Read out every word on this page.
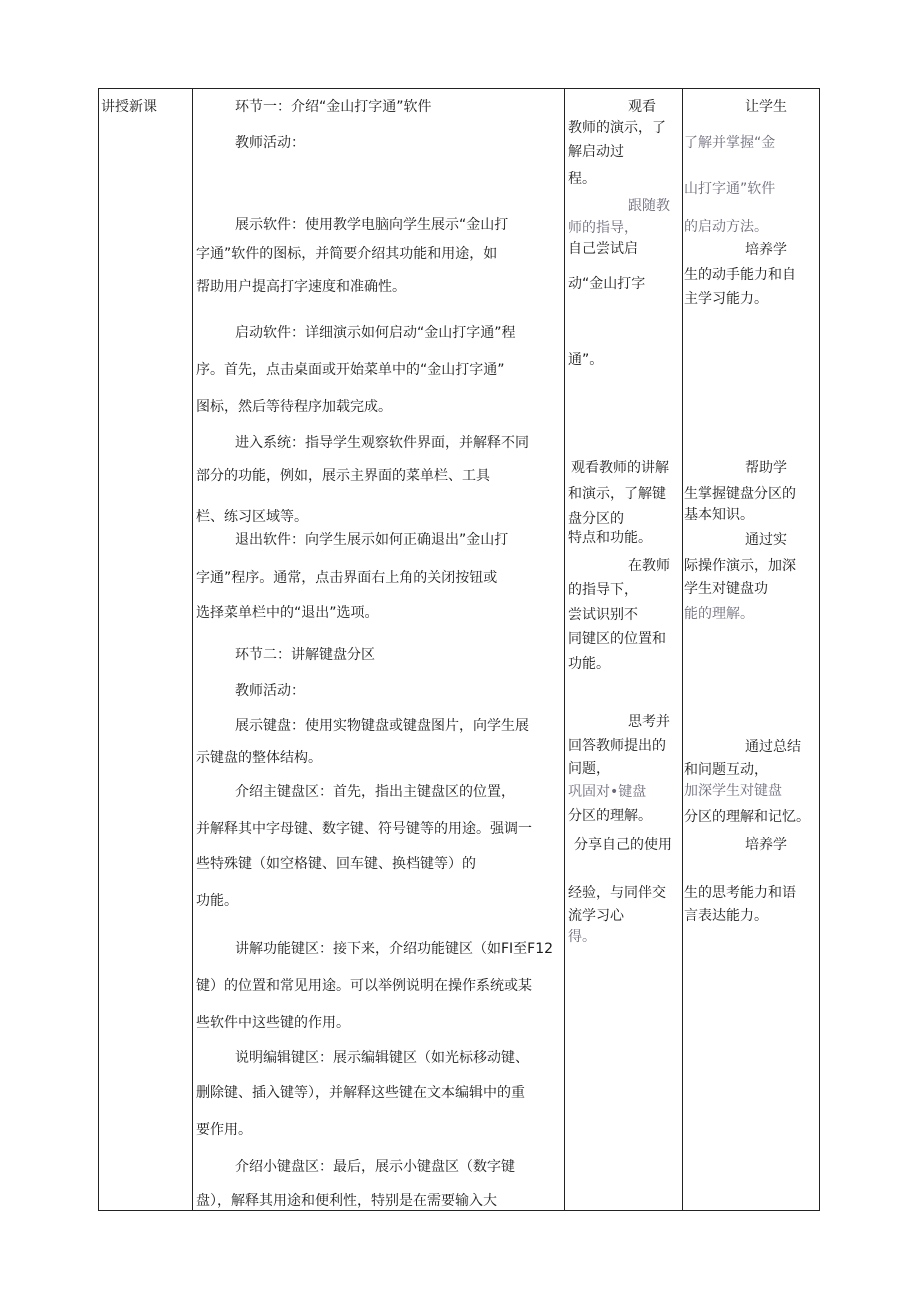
讲授新课	环节一：介绍“金山打字通”软件
教师活动：
展示软件：使用教学电脑向学生展示“金山打
字通”软件的图标，并简要介绍其功能和用途，如
帮助用户提高打字速度和准确性。
启动软件：详细演示如何启动“金山打字通”程
序。首先，点击桌面或开始菜单中的“金山打字通”
图标，然后等待程序加载完成。
进入系统：指导学生观察软件界面，并解释不同
部分的功能，例如，展示主界面的菜单栏、工具
栏、练习区域等。
退出软件：向学生展示如何正确退出”金山打
字通”程序。通常，点击界面右上角的关闭按钮或
选择菜单栏中的“退出”选项。
环节二：讲解键盘分区
教师活动：
展示键盘：使用实物键盘或键盘图片，向学生展
示键盘的整体结构。
介绍主键盘区：首先，指出主键盘区的位置，
并解释其中字母键、数字键、符号键等的用途。强调一
些特殊键（如空格键、回车键、换档键等）的
功能。
讲解功能键区：接下来，介绍功能键区（如FI至F12
键）的位置和常见用途。可以举例说明在操作系统或某
些软件中这些键的作用。
说明编辑键区：展示编辑键区（如光标移动键、
删除键、插入键等），并解释这些键在文本编辑中的重
要作用。
介绍小键盘区：最后，展示小键盘区（数字键
盘），解释其用途和便利性，特别是在需要输入大
观看
教师的演示，了
解启动过
程。
跟随教
师的指导，
自己尝试启
动“金山打字
通”。
观看教师的讲解
和演示，了解键
盘分区的
特点和功能。
在教师
的指导下，
尝试识别不
同键区的位置和
功能。
思考并
回答教师提出的
问题，
巩固对•键盘
分区的理解。
分享自己的使用
经验，与同伴交
流学习心
得。
让学生
了解并掌握“金
山打字通”软件
的启动方法。
培养学
生的动手能力和自
主学习能力。
帮助学
生掌握键盘分区的
基本知识。
通过实
际操作演示，加深
学生对键盘功
能的理解。
通过总结
和问题互动，
加深学生对键盘
分区的理解和记忆。
培养学
生的思考能力和语
言表达能力。
